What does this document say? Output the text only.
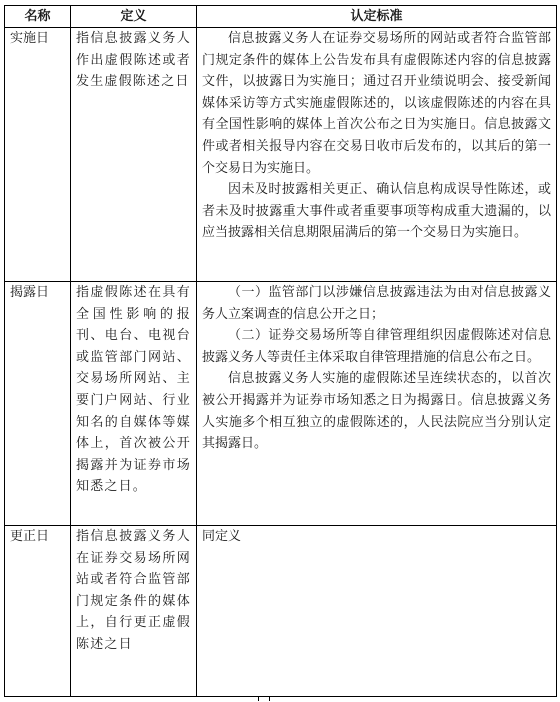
名称	定义	认定标准
实施日	指信息披露义务人作出虚假陈述或者发生虚假陈述之日	信息披露义务人在证券交易场所的网站或者符合监管部门规定条件的媒体上公告发布具有虚假陈述内容的信息披露文件，以披露日为实施日；通过召开业绩说明会、接受新闻媒体采访等方式实施虚假陈述的，以该虚假陈述的内容在具有全国性影响的媒体上首次公布之日为实施日。信息披露文件或者相关报导内容在交易日收市后发布的，以其后的第一个交易日为实施日。

因未及时披露相关更正、确认信息构成误导性陈述，或者未及时披露重大事件或者重要事项等构成重大遗漏的，以应当披露相关信息期限届满后的第一个交易日为实施日。

揭露日	指虚假陈述在具有全国性影响的报刊、电台、电视台或监管部门网站、交易场所网站、主要门户网站、行业知名的自媒体等媒体上，首次被公开揭露并为证券市场知悉之日。	（一）监管部门以涉嫌信息披露违法为由对信息披露义务人立案调查的信息公开之日；

（二）证券交易场所等自律管理组织因虚假陈述对信息披露义务人等责任主体采取自律管理措施的信息公布之日。

信息披露义务人实施的虚假陈述呈连续状态的，以首次被公开揭露并为证券市场知悉之日为揭露日。信息披露义务人实施多个相互独立的虚假陈述的，人民法院应当分别认定其揭露日。

更正日	指信息披露义务人在证券交易场所网站或者符合监管部门规定条件的媒体上，自行更正虚假陈述之日	同定义
